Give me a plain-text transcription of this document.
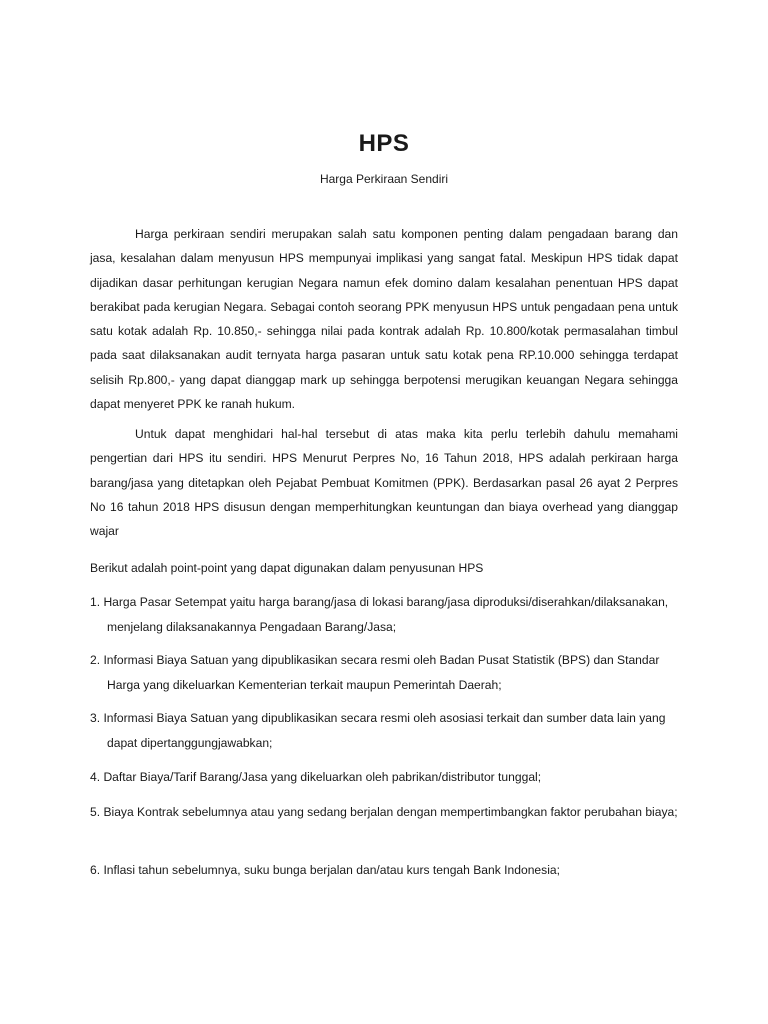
HPS

Harga Perkiraan Sendiri

Harga perkiraan sendiri merupakan salah satu komponen penting dalam pengadaan barang dan jasa, kesalahan dalam menyusun HPS mempunyai implikasi yang sangat fatal. Meskipun HPS tidak dapat dijadikan dasar perhitungan kerugian Negara namun efek domino dalam kesalahan penentuan HPS dapat berakibat pada kerugian Negara. Sebagai contoh seorang PPK menyusun HPS untuk pengadaan pena untuk satu kotak adalah Rp. 10.850,- sehingga nilai pada kontrak adalah Rp. 10.800/kotak permasalahan timbul pada saat dilaksanakan audit ternyata harga pasaran untuk satu kotak pena RP.10.000 sehingga terdapat selisih Rp.800,- yang dapat dianggap mark up sehingga berpotensi merugikan keuangan Negara sehingga dapat menyeret PPK ke ranah hukum.

Untuk dapat menghidari hal-hal tersebut di atas maka kita perlu terlebih dahulu memahami pengertian dari HPS itu sendiri. HPS Menurut Perpres No, 16 Tahun 2018, HPS adalah perkiraan harga barang/jasa yang ditetapkan oleh Pejabat Pembuat Komitmen (PPK). Berdasarkan pasal 26 ayat 2 Perpres No 16 tahun 2018 HPS disusun dengan memperhitungkan keuntungan dan biaya overhead yang dianggap wajar

Berikut adalah point-point yang dapat digunakan dalam penyusunan HPS

1. Harga Pasar Setempat yaitu harga barang/jasa di lokasi barang/jasa diproduksi/diserahkan/dilaksanakan, menjelang dilaksanakannya Pengadaan Barang/Jasa;
2. Informasi Biaya Satuan yang dipublikasikan secara resmi oleh Badan Pusat Statistik (BPS) dan Standar Harga yang dikeluarkan Kementerian terkait maupun Pemerintah Daerah;
3. Informasi Biaya Satuan yang dipublikasikan secara resmi oleh asosiasi terkait dan sumber data lain yang dapat dipertanggungjawabkan;
4. Daftar Biaya/Tarif Barang/Jasa yang dikeluarkan oleh pabrikan/distributor tunggal;
5. Biaya Kontrak sebelumnya atau yang sedang berjalan dengan mempertimbangkan faktor perubahan biaya;
6. Inflasi tahun sebelumnya, suku bunga berjalan dan/atau kurs tengah Bank Indonesia;
